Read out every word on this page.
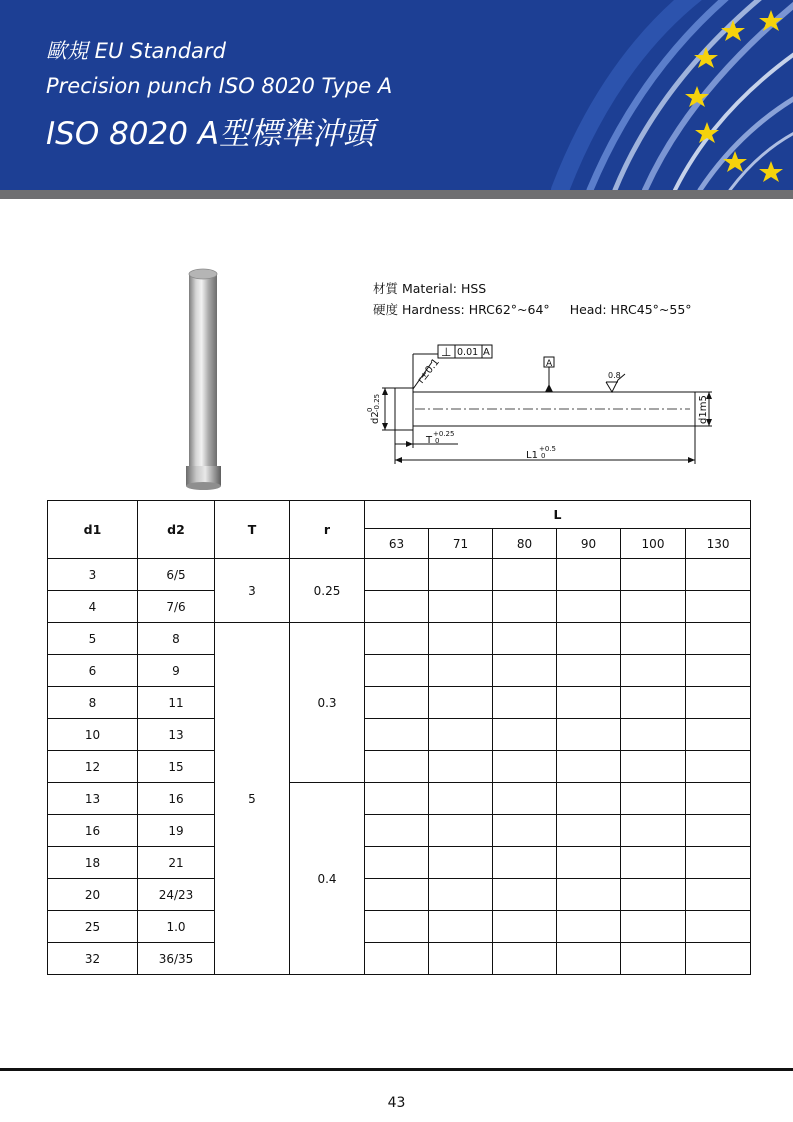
歐規 EU Standard
Precision punch ISO 8020 Type A
ISO 8020 A型標準沖頭
材質 Material: HSS
硬度 Hardness: HRC62°~64° Head: HRC45°~55°
⊥ 0.01 A
A
r±0.1	0.8
d2
0 -0.25	d1m5
T
+0.25
0
L1
+0.5
0
d1	d2	T	r	L					
				63	71	80	90	100	130
3	6/5	3	0.25						
4	7/6								
5	8	5	0.3						
6	9								
8	11								
10	13								
12	15								
13	16		0.4						
16	19								
18	21								
20	24/23								
25	1.0								
32	36/35								
43
